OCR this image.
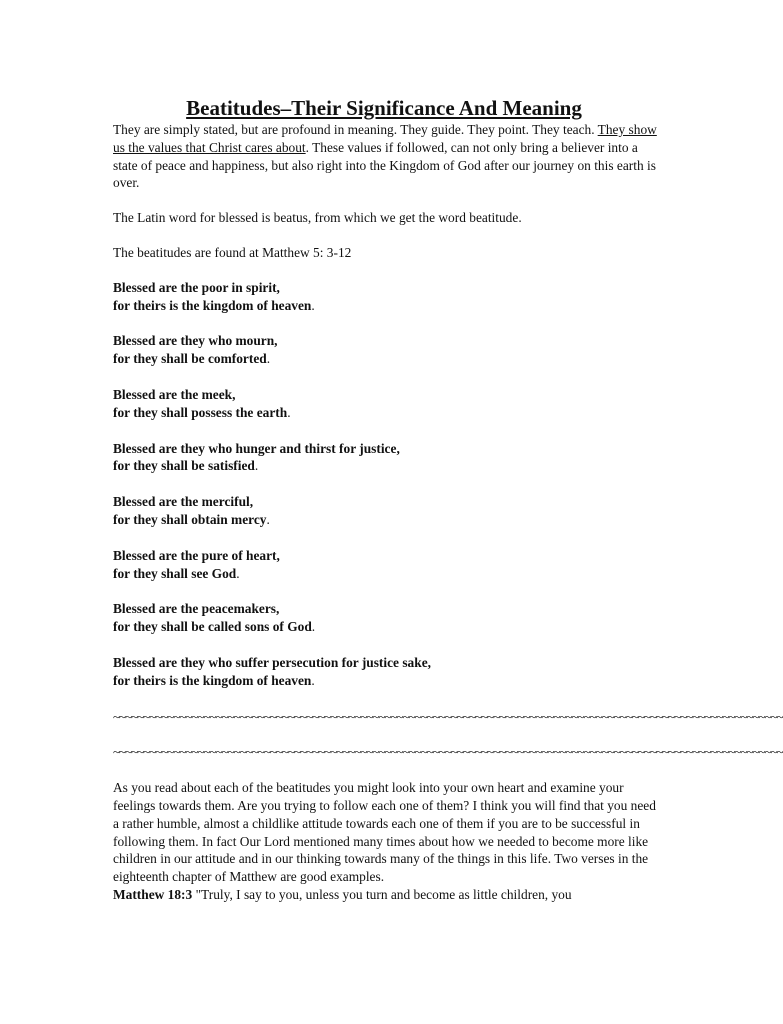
Beatitudes–Their Significance And Meaning

They are simply stated, but are profound in meaning. They guide. They point. They teach. They show us the values that Christ cares about. These values if followed, can not only bring a believer into a state of peace and happiness, but also right into the Kingdom of God after our journey on this earth is over.

The Latin word for blessed is beatus, from which we get the word beatitude.

The beatitudes are found at Matthew 5: 3-12

Blessed are the poor in spirit,
for theirs is the kingdom of heaven.
Blessed are they who mourn,
for they shall be comforted.
Blessed are the meek,
for they shall possess the earth.
Blessed are they who hunger and thirst for justice,
for they shall be satisfied.
Blessed are the merciful,
for they shall obtain mercy.
Blessed are the pure of heart,
for they shall see God.
Blessed are the peacemakers,
for they shall be called sons of God.
Blessed are they who suffer persecution for justice sake,
for theirs is the kingdom of heaven.
~~~~~~~~~~~~~~~~~~~~~~~~~~~~~~~~~~~~~~~~~~~~~~~~~~~~~~~~~~~~~~~~~~~~~~~~~~~~~~~~~~~~~~~~~~~~~~~~~~~~~~~~~~~~~~~
~~~~~~~~~~~~~~~~~~~~~~~~~~~~~~~~~~~~~~~~~~~~~~~~~~~~~~~~~~~~~~~~~~~~~~~~~~~~~~~~~~~~~~~~~~~~~~~~~~~~~~~~~~~~~~~

As you read about each of the beatitudes you might look into your own heart and examine your feelings towards them. Are you trying to follow each one of them? I think you will find that you need a rather humble, almost a childlike attitude towards each one of them if you are to be successful in following them. In fact Our Lord mentioned many times about how we needed to become more like children in our attitude and in our thinking towards many of the things in this life. Two verses in the eighteenth chapter of Matthew are good examples.

Matthew 18:3 "Truly, I say to you, unless you turn and become as little children, you
